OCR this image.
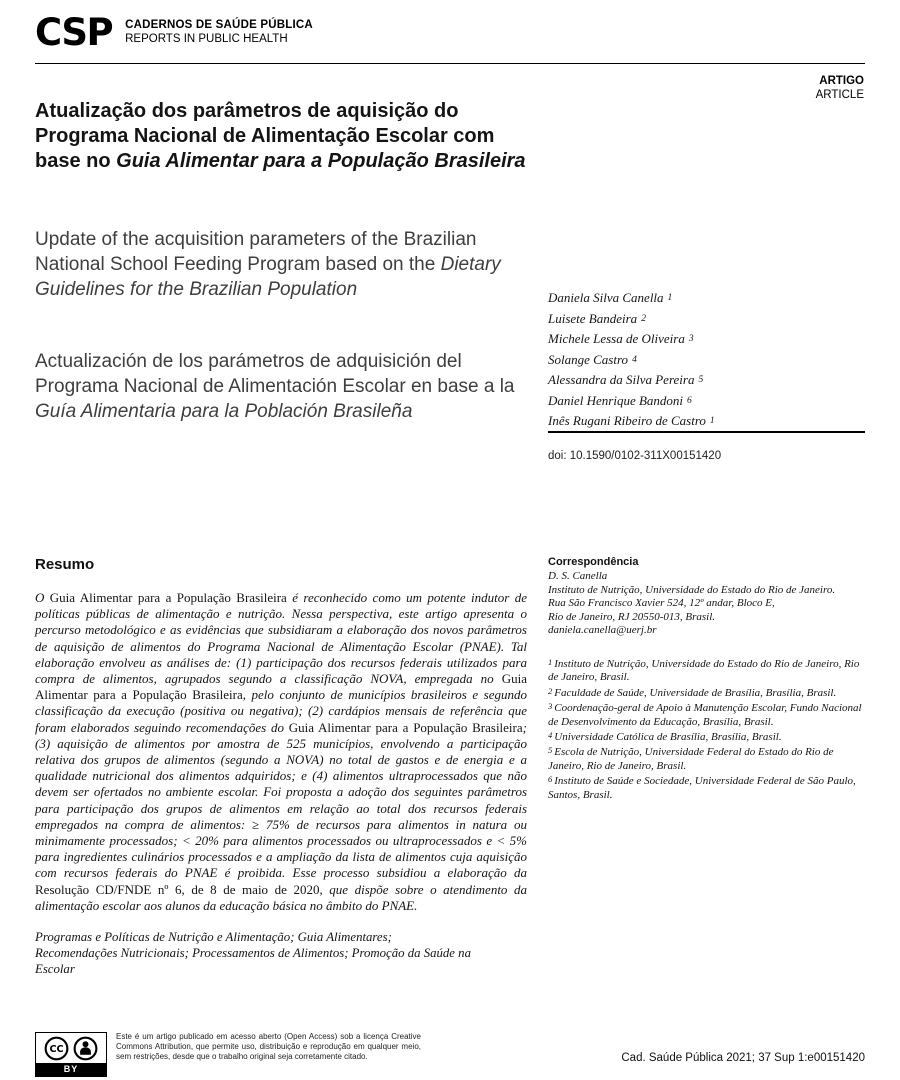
CSP CADERNOS DE SAÚDE PÚBLICA
REPORTS IN PUBLIC HEALTH
ARTIGO
ARTICLE
Atualização dos parâmetros de aquisição do Programa Nacional de Alimentação Escolar com base no Guia Alimentar para a População Brasileira
Update of the acquisition parameters of the Brazilian National School Feeding Program based on the Dietary Guidelines for the Brazilian Population
Actualización de los parámetros de adquisición del Programa Nacional de Alimentación Escolar en base a la Guía Alimentaria para la Población Brasileña
Daniela Silva Canella 1
Luisete Bandeira 2
Michele Lessa de Oliveira 3
Solange Castro 4
Alessandra da Silva Pereira 5
Daniel Henrique Bandoni 6
Inês Rugani Ribeiro de Castro 1
doi: 10.1590/0102-311X00151420
Resumo

O Guia Alimentar para a População Brasileira é reconhecido como um potente indutor de políticas públicas de alimentação e nutrição. Nessa perspectiva, este artigo apresenta o percurso metodológico e as evidências que subsidiaram a elaboração dos novos parâmetros de aquisição de alimentos do Programa Nacional de Alimentação Escolar (PNAE). Tal elaboração envolveu as análises de: (1) participação dos recursos federais utilizados para compra de alimentos, agrupados segundo a classificação NOVA, empregada no Guia Alimentar para a População Brasileira, pelo conjunto de municípios brasileiros e segundo classificação da execução (positiva ou negativa); (2) cardápios mensais de referência que foram elaborados seguindo recomendações do Guia Alimentar para a População Brasileira; (3) aquisição de alimentos por amostra de 525 municípios, envolvendo a participação relativa dos grupos de alimentos (segundo a NOVA) no total de gastos e de energia e a qualidade nutricional dos alimentos adquiridos; e (4) alimentos ultraprocessados que não devem ser ofertados no ambiente escolar. Foi proposta a adoção dos seguintes parâmetros para participação dos grupos de alimentos em relação ao total dos recursos federais empregados na compra de alimentos: ≥ 75% de recursos para alimentos in natura ou minimamente processados; < 20% para alimentos processados ou ultraprocessados e < 5% para ingredientes culinários processados e a ampliação da lista de alimentos cuja aquisição com recursos federais do PNAE é proibida. Esse processo subsidiou a elaboração da Resolução CD/FNDE nº 6, de 8 de maio de 2020, que dispõe sobre o atendimento da alimentação escolar aos alunos da educação básica no âmbito do PNAE.

Programas e Políticas de Nutrição e Alimentação; Guia Alimentares; Recomendações Nutricionais; Processamentos de Alimentos; Promoção da Saúde na Escolar

Correspondência
D. S. Canella
Instituto de Nutrição, Universidade do Estado do Rio de Janeiro.
Rua São Francisco Xavier 524, 12º andar, Bloco E,
Rio de Janeiro, RJ 20550-013, Brasil.
daniela.canella@uerj.br
1 Instituto de Nutrição, Universidade do Estado do Rio de Janeiro, Rio de Janeiro, Brasil.
2 Faculdade de Saúde, Universidade de Brasília, Brasília, Brasil.
3 Coordenação-geral de Apoio à Manutenção Escolar, Fundo Nacional de Desenvolvimento da Educação, Brasília, Brasil.
4 Universidade Católica de Brasília, Brasília, Brasil.
5 Escola de Nutrição, Universidade Federal do Estado do Rio de Janeiro, Rio de Janeiro, Brasil.
6 Instituto de Saúde e Sociedade, Universidade Federal de São Paulo, Santos, Brasil.
CC
BY

Este é um artigo publicado em acesso aberto (Open Access) sob a licença Creative Commons Attribution, que permite uso, distribuição e reprodução em qualquer meio, sem restrições, desde que o trabalho original seja corretamente citado.	Cad. Saúde Pública 2021; 37 Sup 1:e00151420
